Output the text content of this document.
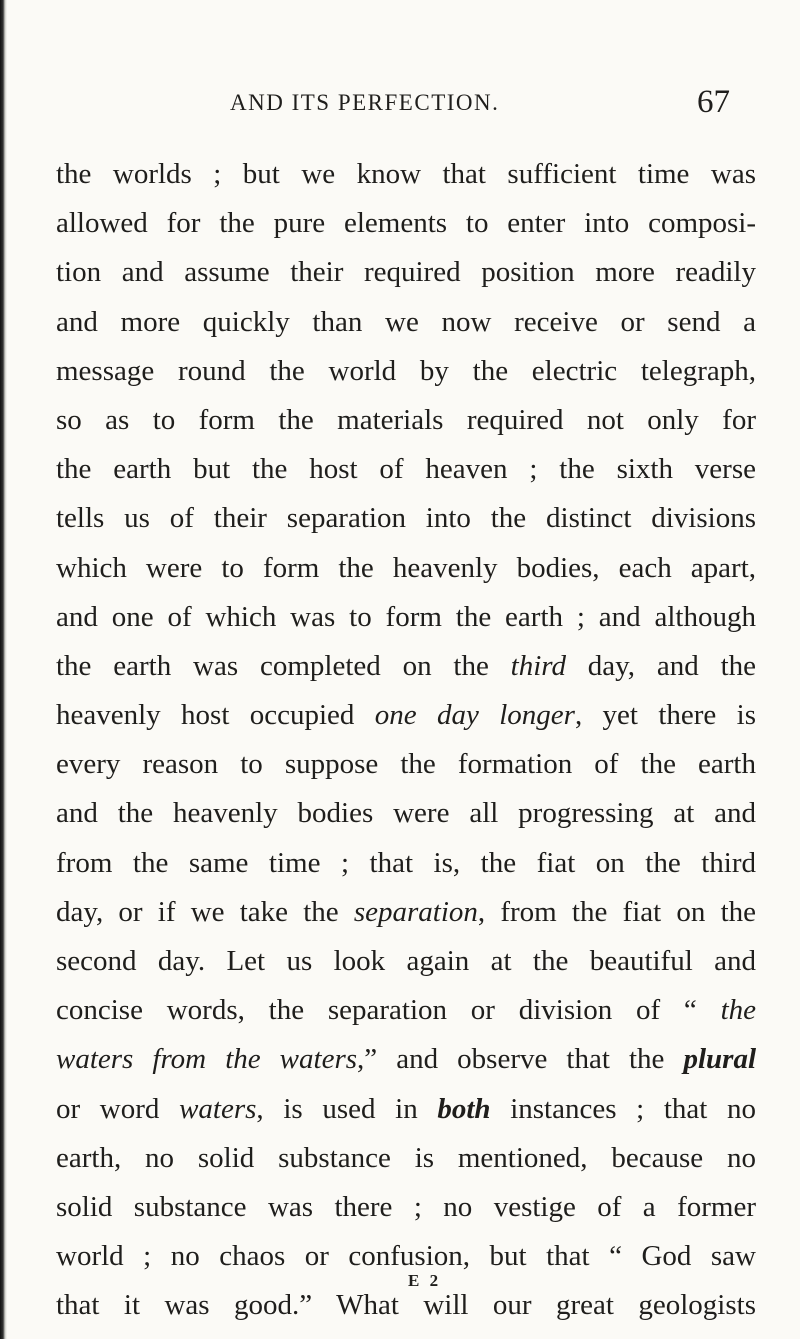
AND ITS PERFECTION.	67
the worlds ; but we know that sufficient time was
allowed for the pure elements to enter into composi-
tion and assume their required position more readily
and more quickly than we now receive or send a
message round the world by the electric telegraph,
so as to form the materials required not only for
the earth but the host of heaven ; the sixth verse
tells us of their separation into the distinct divisions
which were to form the heavenly bodies, each apart,
and one of which was to form the earth ; and although
the earth was completed on the third day, and the
heavenly host occupied one day longer, yet there is
every reason to suppose the formation of the earth
and the heavenly bodies were all progressing at and
from the same time ; that is, the fiat on the third
day, or if we take the separation, from the fiat on the
second day. Let us look again at the beautiful and
concise words, the separation or division of “ the
waters from the waters,” and observe that the plural
or word waters, is used in both instances ; that no
earth, no solid substance is mentioned, because no
solid substance was there ; no vestige of a former
world ; no chaos or confusion, but that “ God saw
that it was good.” What will our great geologists
E 2
